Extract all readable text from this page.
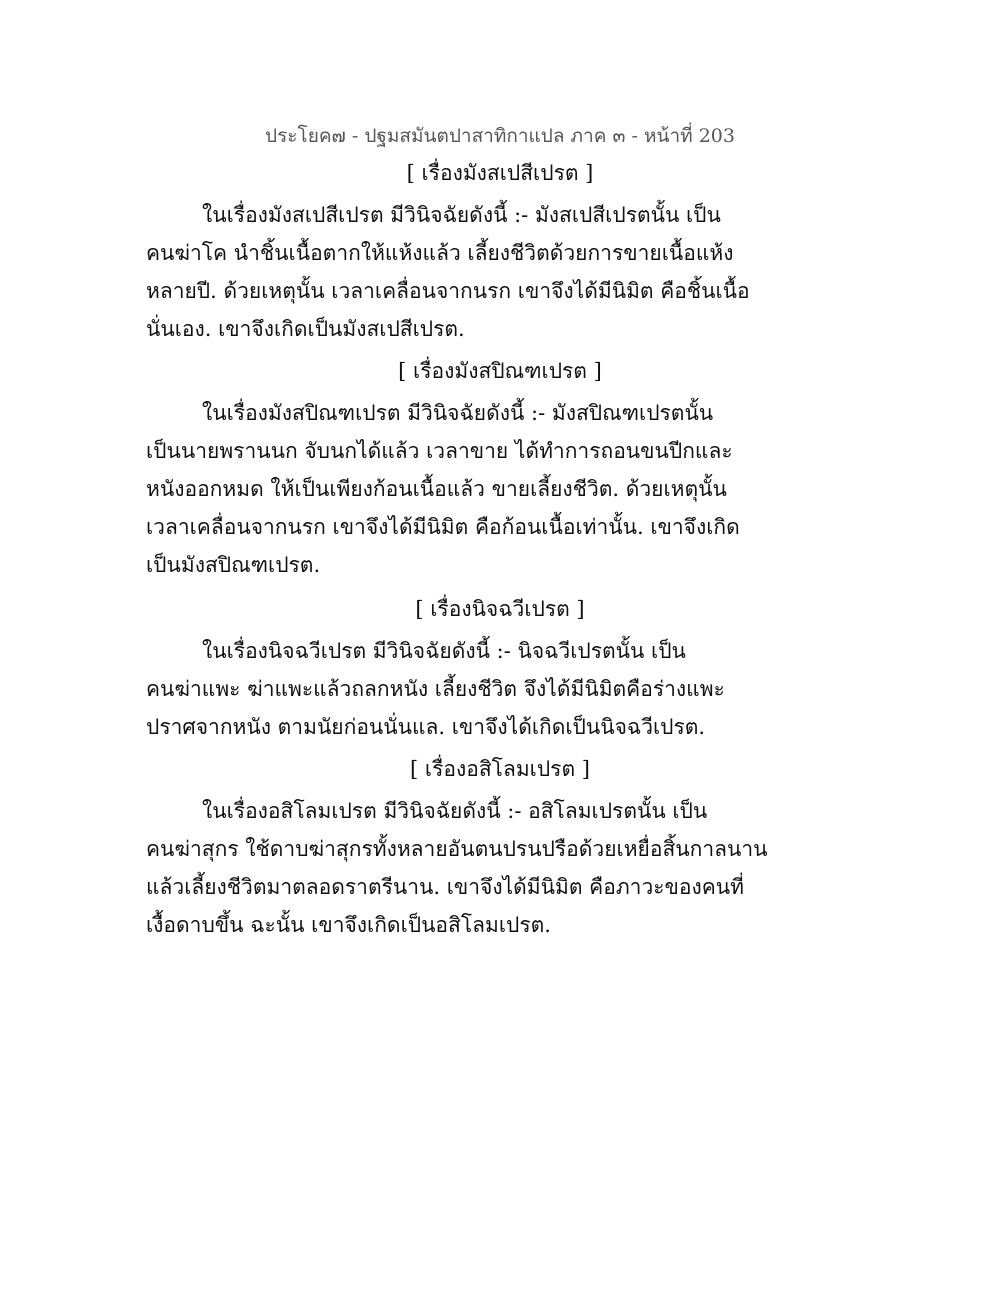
ประโยค๗ - ปฐมสมันตปาสาทิกาแปล ภาค ๓ - หน้าที่ 203
[ เรื่องมังสเปสีเปรต ]
ในเรื่องมังสเปสีเปรต มีวินิจฉัยดังนี้ :- มังสเปสีเปรตนั้น เป็น
คนฆ่าโค นำชิ้นเนื้อตากให้แห้งแล้ว เลี้ยงชีวิตด้วยการขายเนื้อแห้ง
หลายปี. ด้วยเหตุนั้น เวลาเคลื่อนจากนรก เขาจึงได้มีนิมิต คือชิ้นเนื้อ
นั่นเอง. เขาจึงเกิดเป็นมังสเปสีเปรต.
[ เรื่องมังสปิณฑเปรต ]
ในเรื่องมังสปิณฑเปรต มีวินิจฉัยดังนี้ :- มังสปิณฑเปรตนั้น
เป็นนายพรานนก จับนกได้แล้ว เวลาขาย ได้ทำการถอนขนปีกและ
หนังออกหมด ให้เป็นเพียงก้อนเนื้อแล้ว ขายเลี้ยงชีวิต. ด้วยเหตุนั้น
เวลาเคลื่อนจากนรก เขาจึงได้มีนิมิต คือก้อนเนื้อเท่านั้น. เขาจึงเกิด
เป็นมังสปิณฑเปรต.
[ เรื่องนิจฉวีเปรต ]
ในเรื่องนิจฉวีเปรต มีวินิจฉัยดังนี้ :- นิจฉวีเปรตนั้น เป็น
คนฆ่าแพะ ฆ่าแพะแล้วถลกหนัง เลี้ยงชีวิต จึงได้มีนิมิตคือร่างแพะ
ปราศจากหนัง ตามนัยก่อนนั่นแล. เขาจึงได้เกิดเป็นนิจฉวีเปรต.
[ เรื่องอสิโลมเปรต ]
ในเรื่องอสิโลมเปรต มีวินิจฉัยดังนี้ :- อสิโลมเปรตนั้น เป็น
คนฆ่าสุกร ใช้ดาบฆ่าสุกรทั้งหลายอันตนปรนปรือด้วยเหยื่อสิ้นกาลนาน
แล้วเลี้ยงชีวิตมาตลอดราตรีนาน. เขาจึงได้มีนิมิต คือภาวะของคนที่
เงื้อดาบขึ้น ฉะนั้น เขาจึงเกิดเป็นอสิโลมเปรต.
